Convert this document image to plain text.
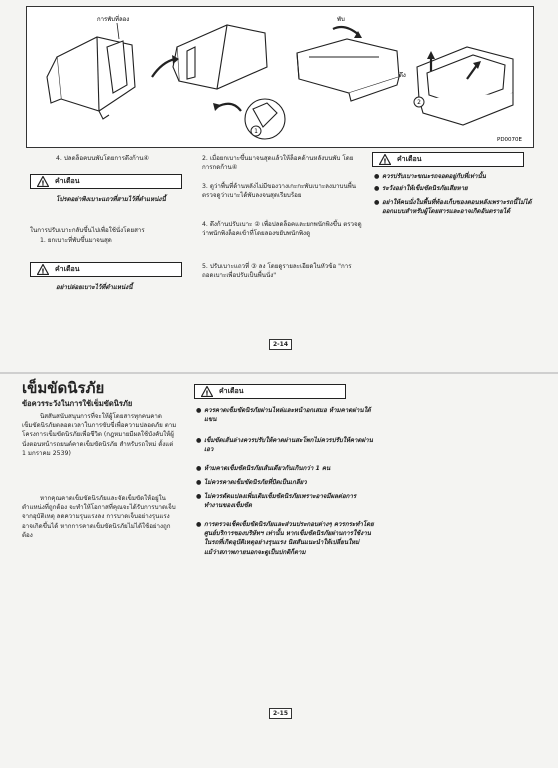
1
2
การพับที่ลอง	พับ
ดึง
PD0070E
4. ปลดล็อคบนพับโดยการดึงก้าน④
! คำเตือน
โปรดอย่าพิงเบาะแถวที่สามไว้ที่ตำแหน่งนี้
ในการปรับเบาะกลับขึ้นไปเพื่อใช้นั่งโดยสาร
1. ยกเบาะที่พับขึ้นมาจนสุด
! คำเตือน
อย่าปล่อยเบาะไว้ที่ตำแหน่งนี้
2. เมื่อยกเบาะขึ้นมาจนสุดแล้วให้ล็อคด้านหลังบนพับ โดยการกดก้าน④
3. ดูว่าพื้นที่ด้านหลังไม่มีของวางเกะกะพับเบาะลงมาบนพื้น ตรวจดูว่าเบาะได้พับลงจนสุดเรียบร้อย
4. ดึงก้านปรับเบาะ ② เพื่อปลดล็อคและยกพนักพิงขึ้น ตรวจดูว่าพนักพิงล็อคเข้าที่โดยลองขยับพนักพิงดู
5. ปรับเบาะแถวที่ ③ ลง โดยดูรายละเอียดในหัวข้อ "การถอดเบาะเพื่อปรับเป็นพื้นนั่ง"
! คำเตือน
● ควรปรับเบาะขณะรถจอดอยู่กับที่เท่านั้น
● ระวังอย่าให้เข็มขัดนิรภัยเสียหาย
● อย่าให้คนนั่งในพื้นที่ท้องเก็บของตอนหลังเพราะรถนี้ไม่ได้ออกแบบสำหรับผู้โดยสารและอาจเกิดอันตรายได้
2-14
เข็มขัดนิรภัย
ข้อควรระวังในการใช้เข็มขัดนิรภัย
นิสสันสนับสนุนการที่จะให้ผู้โดยสารทุกคนคาดเข็มขัดนิรภัยตลอดเวลาในการขับขี่เพื่อความปลอดภัย ตามโครงการเข็มขัดนิรภัยเพื่อชีวิต (กฎหมายมีผลใช้บังคับให้ผู้นั่งตอนหน้ารถยนต์คาดเข็มขัดนิรภัย สำหรับรถใหม่ ตั้งแต่ 1 มกราคม 2539)
หากคุณคาดเข็มขัดนิรภัยและจัดเข็มขัดให้อยู่ในตำแหน่งที่ถูกต้อง จะทำให้โอกาสที่คุณจะได้รับการบาดเจ็บจากอุบัติเหตุ ลดความรุนแรงลง การบาดเจ็บอย่างรุนแรงอาจเกิดขึ้นได้ หากการคาดเข็มขัดนิรภัยไม่ได้ใช้อย่างถูกต้อง
! คำเตือน
● ควรคาดเข็มขัดนิรภัยผ่านไหล่และหน้าอกเสมอ ห้ามคาดผ่านใต้แขน
● เข็มขัดเส้นล่างควรปรับให้คาดผ่านสะโพกไม่ควรปรับให้คาดผ่านเอว
● ห้ามคาดเข็มขัดนิรภัยเส้นเดียวกันเกินกว่า 1 คน
● ไม่ควรคาดเข็มขัดนิรภัยที่บิดเป็นเกลียว
● ไม่ควรดัดแปลงเพิ่มเติมเข็มขัดนิรภัยเพราะอาจมีผลต่อการทำงานของเข็มขัด
● การตรวจเช็คเข็มขัดนิรภัยและส่วนประกอบต่างๆ ควรกระทำโดยศูนย์บริการของบริษัทฯ เท่านั้น หากเข็มขัดนิรภัยผ่านการใช้งานในรถที่เกิดอุบัติเหตุอย่างรุนแรง นิสสันแนะนำให้เปลี่ยนใหม่ แม้ว่าสภาพภายนอกจะดูเป็นปกติก็ตาม
2-15
